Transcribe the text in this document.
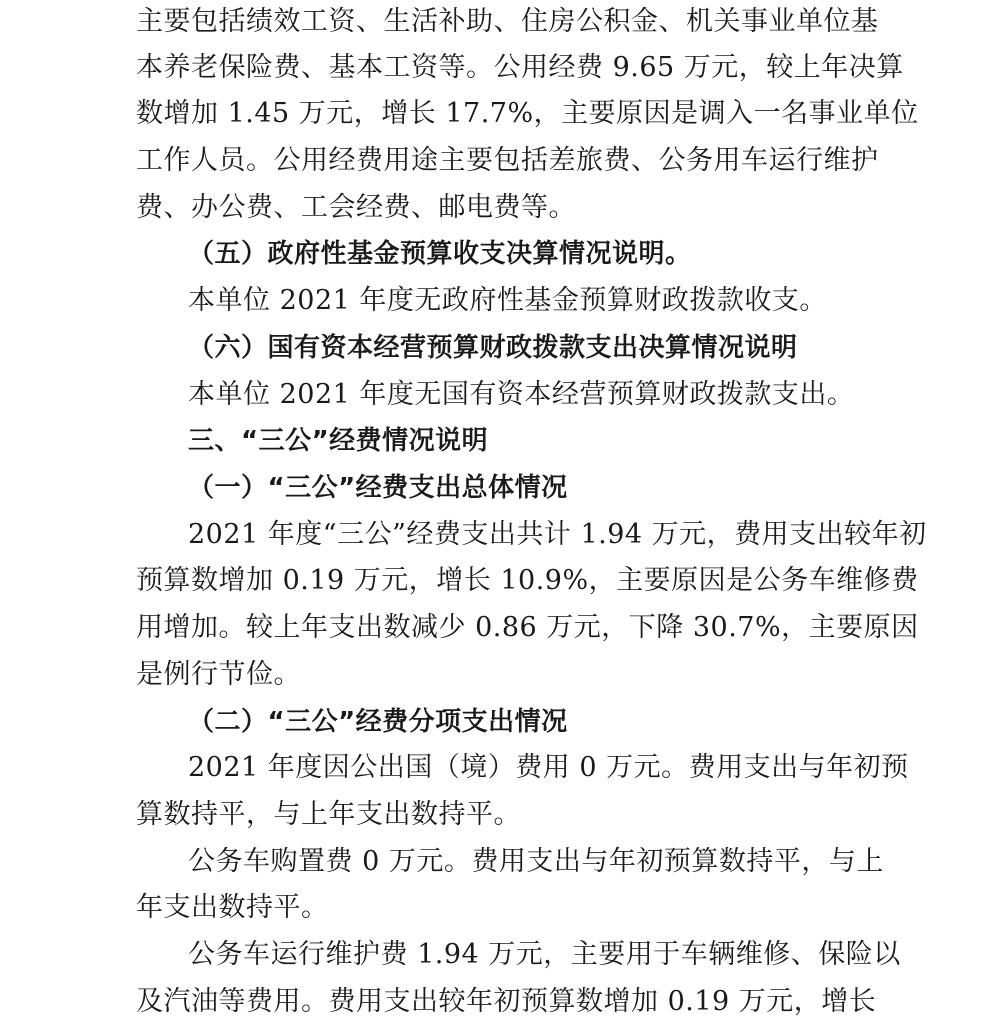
主要包括绩效工资、生活补助、住房公积金、机关事业单位基
本养老保险费、基本工资等。公用经费 9.65 万元，较上年决算
数增加 1.45 万元，增长 17.7%，主要原因是调入一名事业单位
工作人员。公用经费用途主要包括差旅费、公务用车运行维护
费、办公费、工会经费、邮电费等。
（五）政府性基金预算收支决算情况说明。
本单位 2021 年度无政府性基金预算财政拨款收支。
（六）国有资本经营预算财政拨款支出决算情况说明
本单位 2021 年度无国有资本经营预算财政拨款支出。
三、“三公”经费情况说明
（一）“三公”经费支出总体情况
2021 年度“三公”经费支出共计 1.94 万元，费用支出较年初
预算数增加 0.19 万元，增长 10.9%，主要原因是公务车维修费
用增加。较上年支出数减少 0.86 万元，下降 30.7%，主要原因
是例行节俭。
（二）“三公”经费分项支出情况
2021 年度因公出国（境）费用 0 万元。费用支出与年初预
算数持平，与上年支出数持平。
公务车购置费 0 万元。费用支出与年初预算数持平，与上
年支出数持平。
公务车运行维护费 1.94 万元，主要用于车辆维修、保险以
及汽油等费用。费用支出较年初预算数增加 0.19 万元，增长
